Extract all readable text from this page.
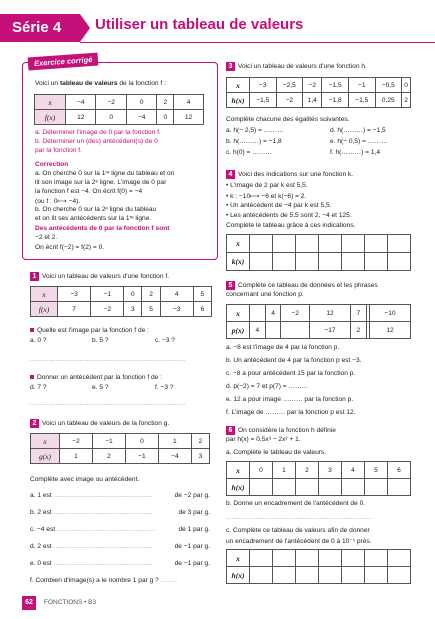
Série 4	Utiliser un tableau de valeurs
Exercice corrigé
Voici un tableau de valeurs de la fonction f :
x	−4	−2	0	2	4
f(x)	12	0	−4	0	12
a. Déterminer l'image de 0 par la fonction f.
b. Déterminer un (des) antécédent(s) de 0
par la fonction f.
Correction
a. On cherche 0 sur la 1ʳᵉ ligne du tableau et on
lit son image sur la 2ᵉ ligne. L'image de 0 par
la fonction f est −4. On écrit f(0) = −4
(ou f : 0⟼ −4).
b. On cherche 0 sur la 2ᵉ ligne du tableau
et on lit ses antécédents sur la 1ʳᵉ ligne.
Des antécédents de 0 par la fonction f sont
−2 et 2.
On écrit f(−2) = f(2) = 0.
1 Voici un tableau de valeurs d'une fonction f.
x	−3	−1	0	2	4	5
f(x)	7	−2	3	5	−3	6
Quelle est l'image par la fonction f de :
a. 0 ?	b. 5 ?	c. −3 ?
.....................................................................................
Donner un antécédent par la fonction f de :
d. 7 ?	e. 5 ?	f. −3 ?
.....................................................................................
2 Voici un tableau de valeurs de la fonction g.
x	−2	−1	0	1	2
g(x)	1	2	−1	−4	3
Complète avec image ou antécédent.
a. 1 est ......................................................	de −2 par g.
b. 2 est ......................................................	de 3 par g.
c. −4 est ......................................................	de 1 par g.
d. 2 est ......................................................	de −1 par g.
e. 0 est ......................................................	de −1 par g.
f. Combien d'image(s) a le nombre 1 par g ? .........
3 Voici un tableau de valeurs d'une fonction h.
x	−3	−2,5	−2	−1,5	−1	−0,5	0
h(x)	−1,5	−2	1,4	−1,8	−1,5	0,25	2
Complète chacune des égalités suivantes.
a. h(− 2,5) = ………
b. h(………) = −1,8
c. h(0) = ………
d. h(………) = −1,5
e. h(− 0,5) = ………
f. h(………) = 1,4
4 Voici des indications sur une fonction k.
• L'image de 2 par k est 5,5.
• k : −10⟼ −6 et k(−6) = 2.
• Un antécédent de −4 par k est 5,5.
• Les antécédents de 5,5 sont 2, −4 et 125.
Complète le tableau grâce à ces indications.
x							
k(x)							
5 Complète ce tableau de données et les phrases
concernant une fonction p.
x		4	−2	12	7		−10
p(x)	4			−17	2		12
a. −8 est l'image de 4 par la fonction p.
b. Un antécédent de 4 par la fonction p est −3.
c. −8 a pour antécédent 15 par la fonction p.
d. p(−2) = 7 et p(7) = ………
e. 12 a pour image ……… par la fonction p.
f. L'image de ……… par la fonction p est 12.
6 On considère la fonction h définie
par h(x) = 0,5x³ − 2x² + 1.
a. Complète le tableau de valeurs.
x	0	1	2	3	4	5	6
h(x)							
b. Donne un encadrement de l'antécédent de 0.
................................................................................
c. Complète ce tableau de valeurs afin de donner
un encadrement de l'antécédent de 0 à 10⁻¹ près.
x							
h(x)							
62	FONCTIONS • B3
